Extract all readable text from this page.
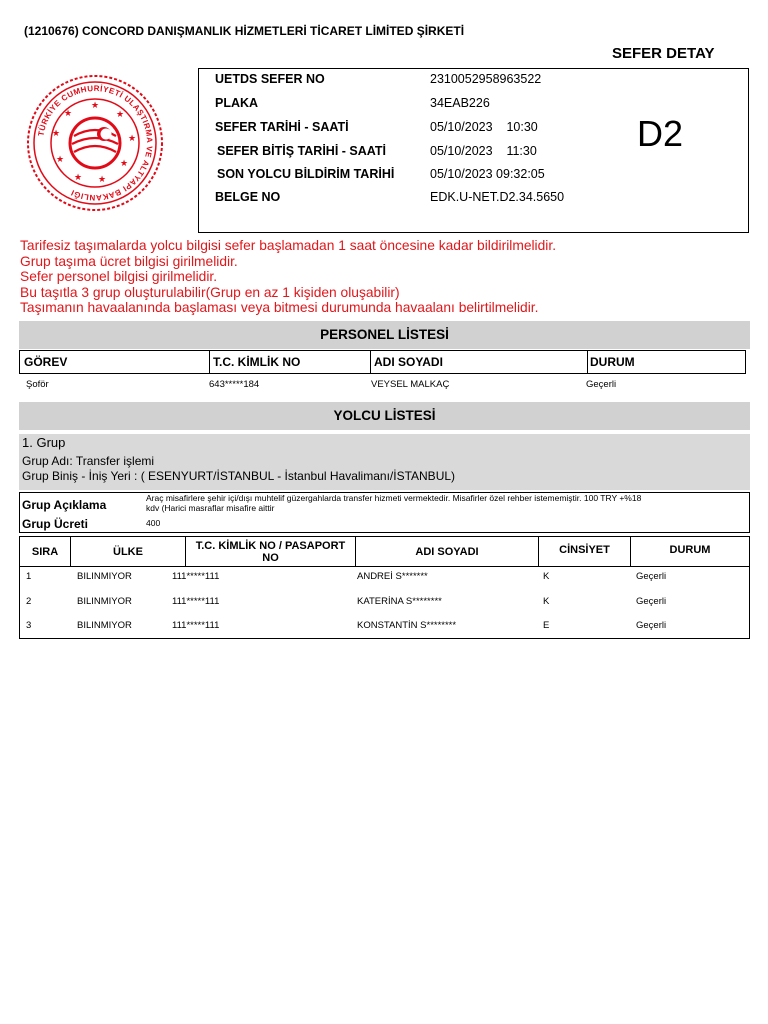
(1210676) CONCORD DANIŞMANLIK HİZMETLERİ TİCARET LİMİTED ŞİRKETİ
SEFER DETAY
TÜRKİYE CUMHURİYETİ ULAŞTIRMA VE ALTYAPI BAKANLIĞI
★
★
★
★
★
★
★
★
★
UETDS SEFER NO	2310052958963522
PLAKA	34EAB226
SEFER TARİHİ - SAATİ	05/10/2023    10:30
SEFER BİTİŞ TARİHİ - SAATİ	05/10/2023    11:30
SON YOLCU BİLDİRİM TARİHİ	05/10/2023 09:32:05
BELGE NO	EDK.U-NET.D2.34.5650
D2
Tarifesiz taşımalarda yolcu bilgisi sefer başlamadan 1 saat öncesine kadar bildirilmelidir.
Grup taşıma ücret bilgisi girilmelidir.
Sefer personel bilgisi girilmelidir.
Bu taşıtla 3 grup oluşturulabilir(Grup en az 1 kişiden oluşabilir)
Taşımanın havaalanında başlaması veya bitmesi durumunda havaalanı belirtilmelidir.
PERSONEL LİSTESİ
GÖREV	T.C. KİMLİK NO	ADI SOYADI	DURUM
Şoför	643*****184	VEYSEL MALKAÇ	Geçerli
YOLCU LİSTESİ
1. Grup
Grup Adı: Transfer işlemi
Grup Biniş - İniş Yeri : ( ESENYURT/İSTANBUL - İstanbul Havalimanı/İSTANBUL)
Grup Açıklama	Araç misafirlere şehir içi/dışı muhtelif güzergahlarda transfer hizmeti vermektedir. Misafirler özel rehber istememiştir. 100 TRY +%18
kdv (Harici masraflar misafire aittir
Grup Ücreti	400
SIRA	ÜLKE	T.C. KİMLİK NO / PASAPORT NO	ADI SOYADI	CİNSİYET	DURUM
1	BILINMIYOR	111*****111	ANDREİ S*******	K	Geçerli
2	BILINMIYOR	111*****111	KATERİNA S********	K	Geçerli
3	BILINMIYOR	111*****111	KONSTANTİN S********	E	Geçerli
